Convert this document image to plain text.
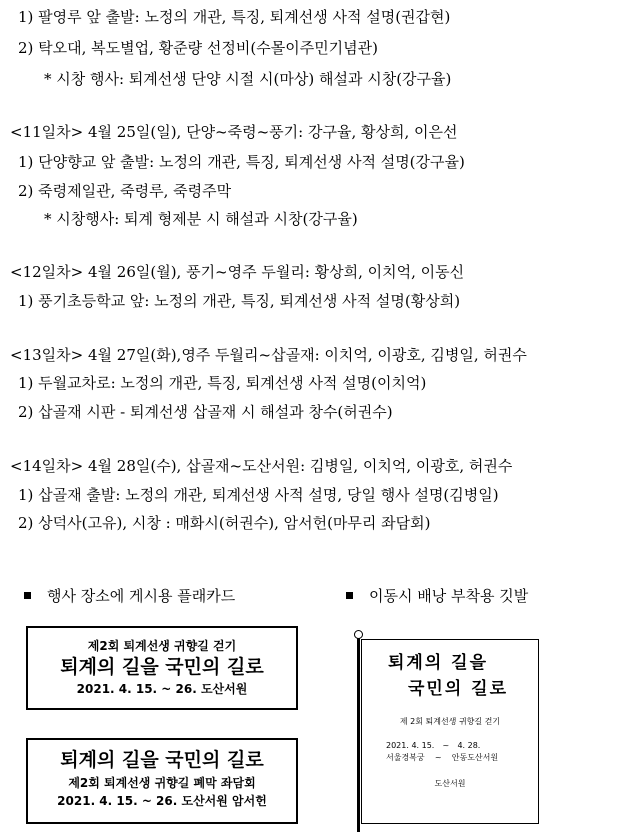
1) 팔영루 앞 출발: 노정의 개관, 특징, 퇴계선생 사적 설명(권갑현)
2) 탁오대, 복도별업, 황준량 선정비(수몰이주민기념관)
* 시창 행사: 퇴계선생 단양 시절 시(마상) 해설과 시창(강구율)
<11일차> 4월 25일(일), 단양~죽령~풍기: 강구율, 황상희, 이은선
1) 단양향교 앞 출발: 노정의 개관, 특징, 퇴계선생 사적 설명(강구율)
2) 죽령제일관, 죽령루, 죽령주막
* 시창행사: 퇴계 형제분 시 해설과 시창(강구율)
<12일차> 4월 26일(월), 풍기~영주 두월리: 황상희, 이치억, 이동신
1) 풍기초등학교 앞: 노정의 개관, 특징, 퇴계선생 사적 설명(황상희)
<13일차> 4월 27일(화),영주 두월리~삽골재: 이치억, 이광호, 김병일, 허권수
1) 두월교차로: 노정의 개관, 특징, 퇴계선생 사적 설명(이치억)
2) 삽골재 시판 - 퇴계선생 삽골재 시 해설과 창수(허권수)
<14일차> 4월 28일(수), 삽골재~도산서원: 김병일, 이치억, 이광호, 허권수
1) 삽골재 출발: 노정의 개관, 퇴계선생 사적 설명, 당일 행사 설명(김병일)
2) 상덕사(고유), 시창 : 매화시(허권수), 암서헌(마무리 좌담회)
행사 장소에 게시용 플래카드	이동시 배낭 부착용 깃발
제2회 퇴계선생 귀향길 걷기
퇴계의 길을 국민의 길로
2021. 4. 15. ~ 26. 도산서원
퇴계의 길을 국민의 길로
제2회 퇴계선생 귀향길 폐막 좌담회
2021. 4. 15. ~ 26. 도산서원 암서헌
퇴계의 길을
국민의 길로
제 2회 퇴계선생 귀향길 걷기
2021. 4. 15. ~ 4. 28.
서울경복궁 ~ 안동도산서원
도산서원
